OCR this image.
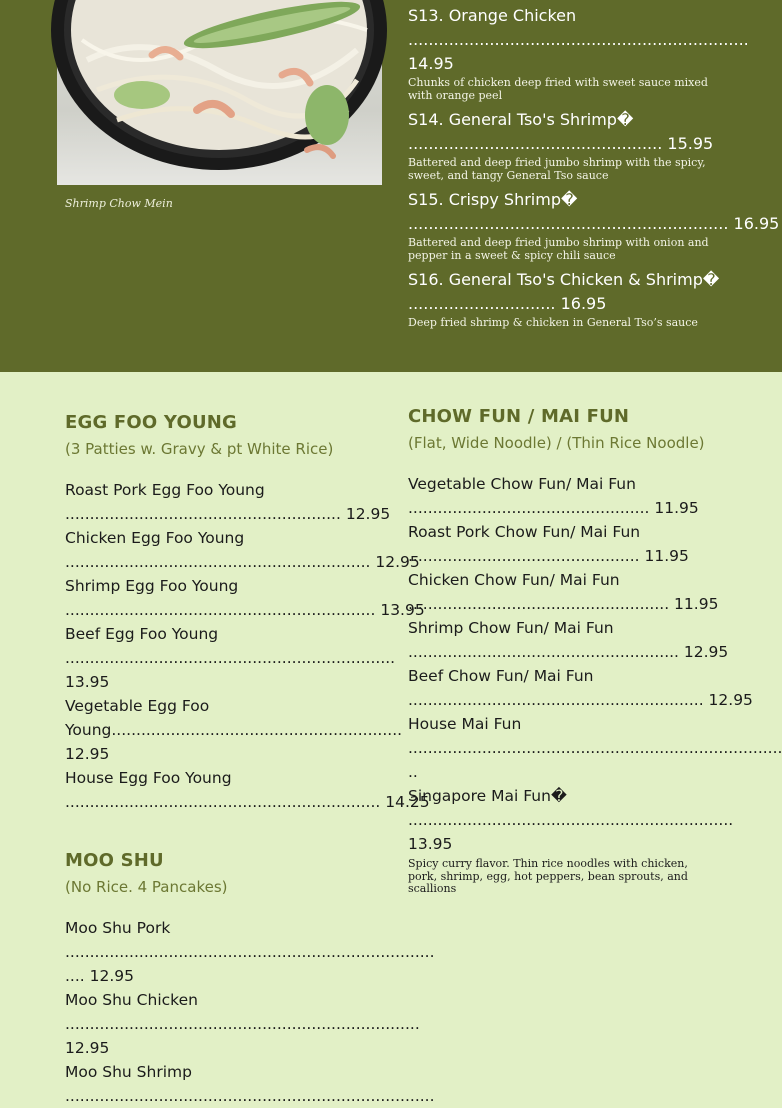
Shrimp Chow Mein
S13. Orange Chicken
...................................................................
14.95
Chunks of chicken deep fried with sweet sauce mixed with orange peel
S14. General Tso's Shrimp�
.................................................. 15.95
Battered and deep fried jumbo shrimp with the spicy, sweet, and tangy General Tso sauce
S15. Crispy Shrimp�
............................................................... 16.95
Battered and deep fried jumbo shrimp with onion and pepper in a sweet & spicy chili sauce
S16. General Tso's Chicken & Shrimp�
............................. 16.95
Deep fried shrimp & chicken in General Tso’s sauce
EGG FOO YOUNG
(3 Patties w. Gravy & pt White Rice)
Roast Pork Egg Foo Young
........................................................ 12.95
Chicken Egg Foo Young
.............................................................. 12.95
Shrimp Egg Foo Young
............................................................... 13.95
Beef Egg Foo Young
...................................................................
13.95
Vegetable Egg Foo
Young...........................................................
12.95
House Egg Foo Young
................................................................ 14.25
MOO SHU
(No Rice. 4 Pancakes)
Moo Shu Pork
...........................................................................
.... 12.95
Moo Shu Chicken
........................................................................
12.95
Moo Shu Shrimp
...........................................................................
CHOW FUN / MAI FUN
(Flat, Wide Noodle) / (Thin Rice Noodle)
Vegetable Chow Fun/ Mai Fun
................................................. 11.95
Roast Pork Chow Fun/ Mai Fun
............................................... 11.95
Chicken Chow Fun/ Mai Fun
..................................................... 11.95
Shrimp Chow Fun/ Mai Fun
....................................................... 12.95
Beef Chow Fun/ Mai Fun
............................................................ 12.95
House Mai Fun
............................................................................
..
Singapore Mai Fun�
..................................................................
13.95
Spicy curry flavor. Thin rice noodles with chicken, pork, shrimp, egg, hot peppers, bean sprouts, and scallions
